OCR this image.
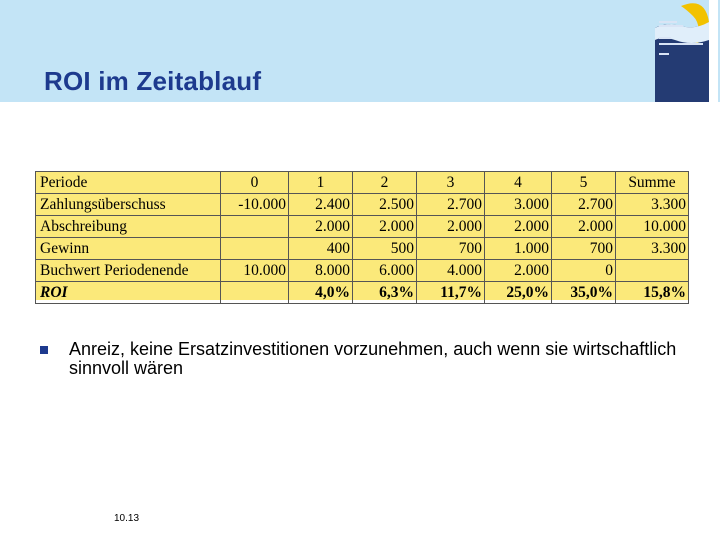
ROI im Zeitablauf
Periode	0	1	2	3	4	5	Summe
Zahlungsüberschuss	-10.000	2.400	2.500	2.700	3.000	2.700	3.300
Abschreibung		2.000	2.000	2.000	2.000	2.000	10.000
Gewinn		400	500	700	1.000	700	3.300
Buchwert Periodenende	10.000	8.000	6.000	4.000	2.000	0	
ROI		4,0%	6,3%	11,7%	25,0%	35,0%	15,8%
Anreiz, keine Ersatzinvestitionen vorzunehmen, auch wenn sie wirtschaftlich sinnvoll wären
10.13
